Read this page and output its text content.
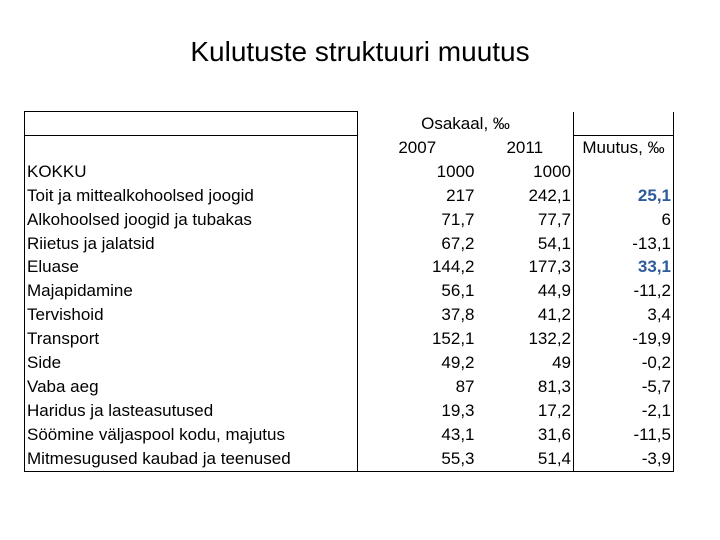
Kulutuste struktuuri muutus
	Osakaal, ‰		
	2007	2011	Muutus, ‰
KOKKU	1000	1000	
Toit ja mittealkohoolsed joogid	217	242,1	25,1
Alkohoolsed joogid ja tubakas	71,7	77,7	6
Riietus ja jalatsid	67,2	54,1	-13,1
Eluase	144,2	177,3	33,1
Majapidamine	56,1	44,9	-11,2
Tervishoid	37,8	41,2	3,4
Transport	152,1	132,2	-19,9
Side	49,2	49	-0,2
Vaba aeg	87	81,3	-5,7
Haridus ja lasteasutused	19,3	17,2	-2,1
Söömine väljaspool kodu, majutus	43,1	31,6	-11,5
Mitmesugused kaubad ja teenused	55,3	51,4	-3,9
